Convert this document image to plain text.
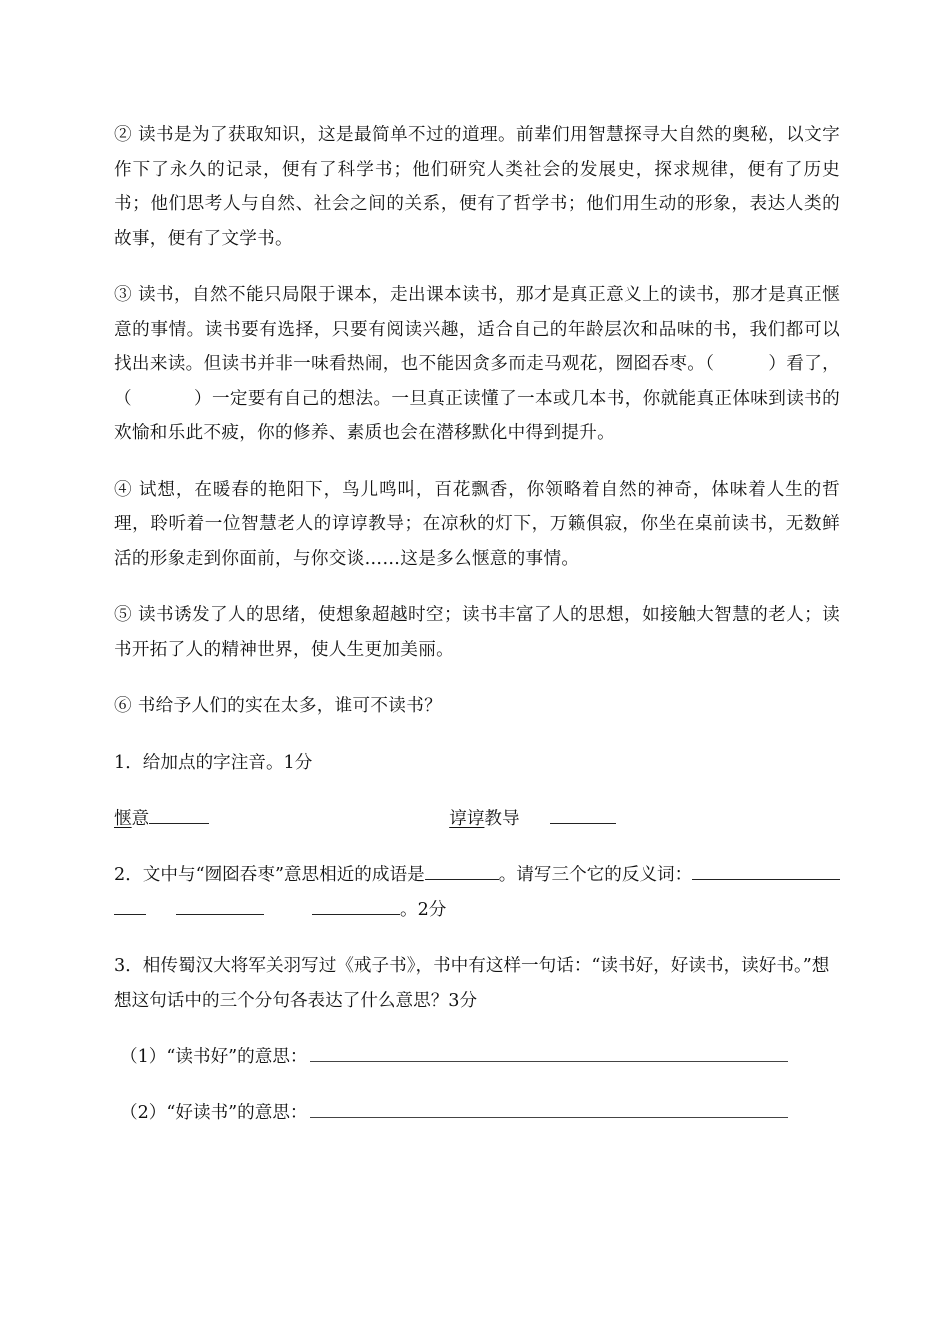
② 读书是为了获取知识，这是最简单不过的道理。前辈们用智慧探寻大自然的奥秘，以文字作下了永久的记录，便有了科学书；他们研究人类社会的发展史，探求规律，便有了历史书；他们思考人与自然、社会之间的关系，便有了哲学书；他们用生动的形象，表达人类的故事，便有了文学书。

③ 读书，自然不能只局限于课本，走出课本读书，那才是真正意义上的读书，那才是真正惬意的事情。读书要有选择，只要有阅读兴趣，适合自己的年龄层次和品味的书，我们都可以找出来读。但读书并非一味看热闹，也不能因贪多而走马观花，囫囵吞枣。（	）看了，（	）一定要有自己的想法。一旦真正读懂了一本或几本书，你就能真正体味到读书的欢愉和乐此不疲，你的修养、素质也会在潜移默化中得到提升。

④ 试想，在暖春的艳阳下，鸟儿鸣叫，百花飘香，你领略着自然的神奇，体味着人生的哲理，聆听着一位智慧老人的谆谆教导；在凉秋的灯下，万籁俱寂，你坐在桌前读书，无数鲜活的形象走到你面前，与你交谈……这是多么惬意的事情。

⑤ 读书诱发了人的思绪，使想象超越时空；读书丰富了人的思想，如接触大智慧的老人；读书开拓了人的精神世界，使人生更加美丽。

⑥ 书给予人们的实在太多，谁可不读书？

1．给加点的字注音。1分

惬意	谆谆教导
2．文中与“囫囵吞枣”意思相近的成语是	。请写三个它的反义词：
。2分

3．相传蜀汉大将军关羽写过《戒子书》，书中有这样一句话：“读书好，好读书，读好书。”想想这句话中的三个分句各表达了什么意思？3分

（1）“读书好”的意思：
（2）“好读书”的意思：
